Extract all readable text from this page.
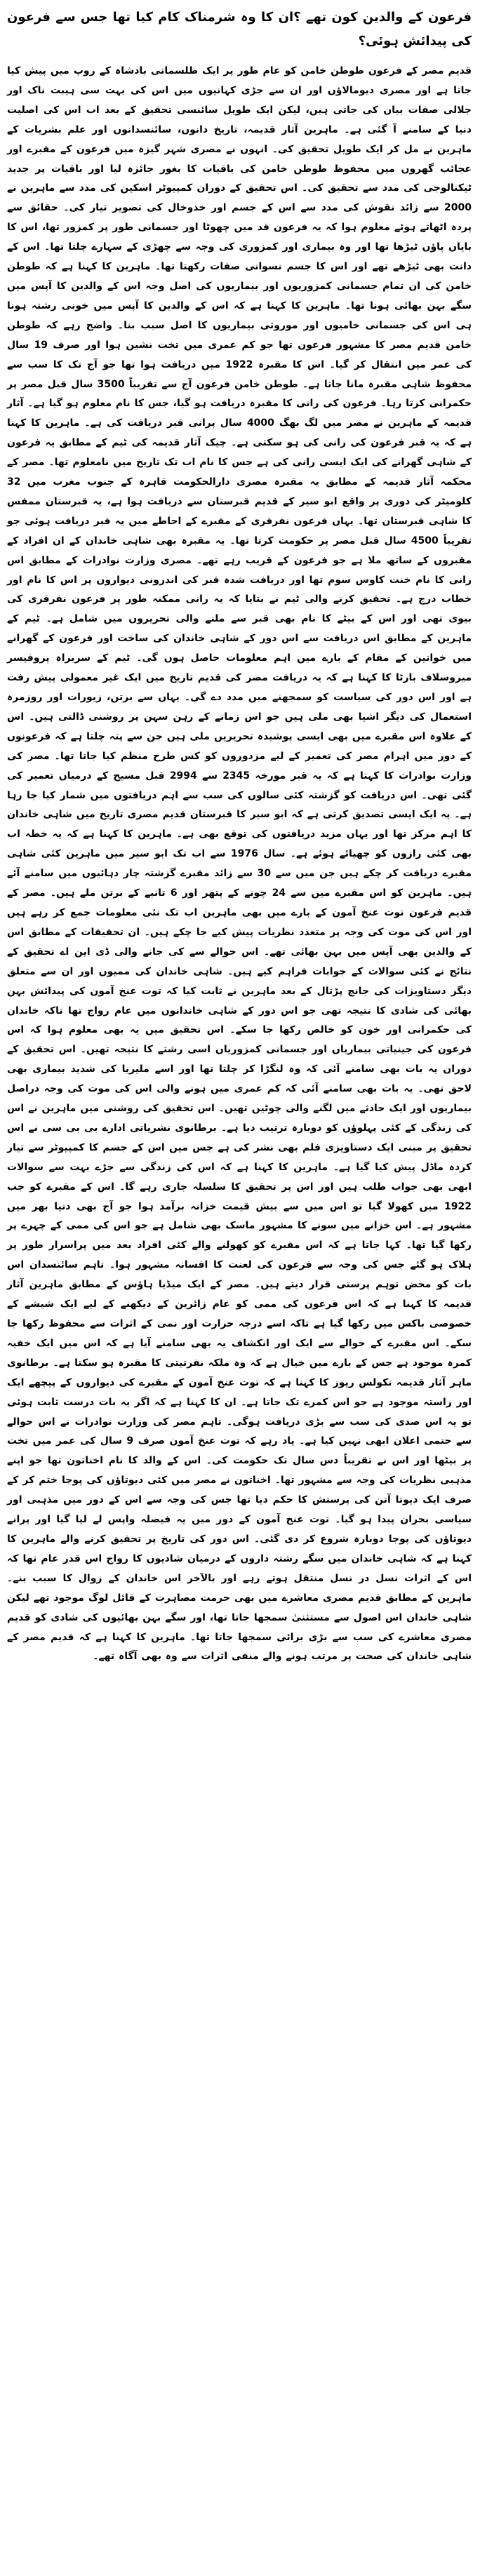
فرعون کے والدین کون تھے ؟ان کا وہ شرمناک کام کیا تھا جس سے فرعون کی پیدائش ہوئی؟

قدیم مصر کے فرعون طوطن خامن کو عام طور پر ایک طلسماتی بادشاہ کے روپ میں پیش کیا جاتا ہے اور مصری دیومالاؤں اور ان سے جڑی کہانیوں میں اس کی بہت سی ہیبت ناک اور جلالی صفات بیان کی جاتی ہیں، لیکن ایک طویل سائنسی تحقیق کے بعد اب اس کی اصلیت دنیا کے سامنے آ گئی ہے۔ ماہرین آثار قدیمہ، تاریخ دانوں، سائنسدانوں اور علم بشریات کے ماہرین نے مل کر ایک طویل تحقیق کی۔ انہوں نے مصری شہر گیزہ میں فرعون کے مقبرے اور عجائب گھروں میں محفوظ طوطن خامن کی باقیات کا بغور جائزہ لیا اور باقیات پر جدید ٹیکنالوجی کی مدد سے تحقیق کی۔ اس تحقیق کے دوران کمپیوٹر اسکین کی مدد سے ماہرین نے 2000 سے زائد نقوش کی مدد سے اس کے جسم اور خدوخال کی تصویر تیار کی۔ حقائق سے پردہ اٹھاتے ہوئے معلوم ہوا کہ یہ فرعون قد میں چھوٹا اور جسمانی طور پر کمزور تھا، اس کا بایاں پاؤں ٹیڑھا تھا اور وہ بیماری اور کمزوری کی وجہ سے چھڑی کے سہارے چلتا تھا۔ اس کے دانت بھی ٹیڑھے تھے اور اس کا جسم نسوانی صفات رکھتا تھا۔ ماہرین کا کہنا ہے کہ طوطن خامن کی ان تمام جسمانی کمزوریوں اور بیماریوں کی اصل وجہ اس کے والدین کا آپس میں سگے بہن بھائی ہونا تھا۔ ماہرین کا کہنا ہے کہ اس کے والدین کا آپس میں خونی رشتہ ہونا ہی اس کی جسمانی خامیوں اور موروثی بیماریوں کا اصل سبب بنا۔ واضح رہے کہ طوطن خامن قدیم مصر کا مشہور فرعون تھا جو کم عمری میں تخت نشین ہوا اور صرف 19 سال کی عمر میں انتقال کر گیا۔ اس کا مقبرہ 1922 میں دریافت ہوا تھا جو آج تک کا سب سے محفوظ شاہی مقبرہ مانا جاتا ہے۔ طوطن خامن فرعون آج سے تقریباً 3500 سال قبل مصر پر حکمرانی کرتا رہا۔ فرعون کی رانی کا مقبرہ دریافت ہو گیا، جس کا نام معلوم ہو گیا ہے۔ آثار قدیمہ کے ماہرین نے مصر میں لگ بھگ 4000 سال پرانی قبر دریافت کی ہے۔ ماہرین کا کہنا ہے کہ یہ قبر فرعون کی رانی کی ہو سکتی ہے۔ چیک آثار قدیمہ کی ٹیم کے مطابق یہ فرعون کے شاہی گھرانے کی ایک ایسی رانی کی ہے جس کا نام اب تک تاریخ میں نامعلوم تھا۔ مصر کے محکمہ آثار قدیمہ کے مطابق یہ مقبرہ مصری دارالحکومت قاہرہ کے جنوب مغرب میں 32 کلومیٹر کی دوری پر واقع ابو سیر کے قدیم قبرستان سے دریافت ہوا ہے، یہ قبرستان ممفس کا شاہی قبرستان تھا۔ یہاں فرعون نفرقری کے مقبرے کے احاطے میں یہ قبر دریافت ہوئی جو تقریباً 4500 سال قبل مصر پر حکومت کرتا تھا۔ یہ مقبرہ بھی شاہی خاندان کے ان افراد کے مقبروں کے ساتھ ملا ہے جو فرعون کے قریب رہے تھے۔ مصری وزارت نوادرات کے مطابق اس رانی کا نام خنت کاوس سوم تھا اور دریافت شدہ قبر کی اندرونی دیواروں پر اس کا نام اور خطاب درج ہے۔ تحقیق کرنے والی ٹیم نے بتایا کہ یہ رانی ممکنہ طور پر فرعون نفرقری کی بیوی تھی اور اس کے بیٹے کا نام بھی قبر سے ملنے والی تحریروں میں شامل ہے۔ ٹیم کے ماہرین کے مطابق اس دریافت سے اس دور کے شاہی خاندان کی ساخت اور فرعون کے گھرانے میں خواتین کے مقام کے بارے میں اہم معلومات حاصل ہوں گی۔ ٹیم کے سربراہ پروفیسر میروسلاف بارٹا کا کہنا ہے کہ یہ دریافت مصر کی قدیم تاریخ میں ایک غیر معمولی پیش رفت ہے اور اس دور کی سیاست کو سمجھنے میں مدد دے گی۔ یہاں سے برتن، زیورات اور روزمرہ استعمال کی دیگر اشیا بھی ملی ہیں جو اس زمانے کے رہن سہن پر روشنی ڈالتی ہیں۔ اس کے علاوہ اس مقبرے میں بھی ایسی پوشیدہ تحریریں ملی ہیں جن سے پتہ چلتا ہے کہ فرعونوں کے دور میں اہرام مصر کی تعمیر کے لیے مزدوروں کو کس طرح منظم کیا جاتا تھا۔ مصر کی وزارت نوادرات کا کہنا ہے کہ یہ قبر مورخہ 2345 سے 2994 قبل مسیح کے درمیان تعمیر کی گئی تھی۔ اس دریافت کو گزشتہ کئی سالوں کی سب سے اہم دریافتوں میں شمار کیا جا رہا ہے۔ یہ ایک ایسی تصدیق کرتی ہے کہ ابو سیر کا قبرستان قدیم مصری تاریخ میں شاہی خاندان کا اہم مرکز تھا اور یہاں مزید دریافتوں کی توقع بھی ہے۔ ماہرین کا کہنا ہے کہ یہ خطہ اب بھی کئی رازوں کو چھپائے ہوئے ہے۔ سال 1976 سے اب تک ابو سیر میں ماہرین کئی شاہی مقبرے دریافت کر چکے ہیں جن میں سے 30 سے زائد مقبرے گزشتہ چار دہائیوں میں سامنے آئے ہیں۔ ماہرین کو اس مقبرے میں سے 24 چونے کے پتھر اور 6 تانبے کے برتن ملے ہیں۔ مصر کے قدیم فرعون توت عنخ آمون کے بارے میں بھی ماہرین اب تک نئی معلومات جمع کر رہے ہیں اور اس کی موت کی وجہ پر متعدد نظریات پیش کیے جا چکے ہیں۔ ان تحقیقات کے مطابق اس کے والدین بھی آپس میں بہن بھائی تھے۔ اس حوالے سے کی جانے والی ڈی این اے تحقیق کے نتائج نے کئی سوالات کے جوابات فراہم کیے ہیں۔ شاہی خاندان کی ممیوں اور ان سے متعلق دیگر دستاویزات کی جانچ پڑتال کے بعد ماہرین نے ثابت کیا کہ توت عنخ آمون کی پیدائش بہن بھائی کی شادی کا نتیجہ تھی جو اس دور کے شاہی خاندانوں میں عام رواج تھا تاکہ خاندان کی حکمرانی اور خون کو خالص رکھا جا سکے۔ اس تحقیق میں یہ بھی معلوم ہوا کہ اس فرعون کی جینیاتی بیماریاں اور جسمانی کمزوریاں اسی رشتے کا نتیجہ تھیں۔ اس تحقیق کے دوران یہ بات بھی سامنے آئی کہ وہ لنگڑا کر چلتا تھا اور اسے ملیریا کی شدید بیماری بھی لاحق تھی۔ یہ بات بھی سامنے آئی کہ کم عمری میں ہونے والی اس کی موت کی وجہ دراصل بیماریوں اور ایک حادثے میں لگنے والی چوٹیں تھیں۔ اس تحقیق کی روشنی میں ماہرین نے اس کی زندگی کے کئی پہلوؤں کو دوبارہ ترتیب دیا ہے۔ برطانوی نشریاتی ادارے بی بی سی نے اس تحقیق پر مبنی ایک دستاویزی فلم بھی نشر کی ہے جس میں اس کے جسم کا کمپیوٹر سے تیار کردہ ماڈل پیش کیا گیا ہے۔ ماہرین کا کہنا ہے کہ اس کی زندگی سے جڑے بہت سے سوالات ابھی بھی جواب طلب ہیں اور اس پر تحقیق کا سلسلہ جاری رہے گا۔ اس کے مقبرے کو جب 1922 میں کھولا گیا تو اس میں سے بیش قیمت خزانہ برآمد ہوا جو آج بھی دنیا بھر میں مشہور ہے۔ اس خزانے میں سونے کا مشہور ماسک بھی شامل ہے جو اس کی ممی کے چہرے پر رکھا گیا تھا۔ کہا جاتا ہے کہ اس مقبرے کو کھولنے والے کئی افراد بعد میں پراسرار طور پر ہلاک ہو گئے جس کی وجہ سے فرعون کی لعنت کا افسانہ مشہور ہوا۔ تاہم سائنسدان اس بات کو محض توہم پرستی قرار دیتے ہیں۔ مصر کے ایک میڈیا ہاؤس کے مطابق ماہرین آثار قدیمہ کا کہنا ہے کہ اس فرعون کی ممی کو عام زائرین کے دیکھنے کے لیے ایک شیشے کے خصوصی باکس میں رکھا گیا ہے تاکہ اسے درجہ حرارت اور نمی کے اثرات سے محفوظ رکھا جا سکے۔ اس مقبرے کے حوالے سے ایک اور انکشاف یہ بھی سامنے آیا ہے کہ اس میں ایک خفیہ کمرہ موجود ہے جس کے بارے میں خیال ہے کہ وہ ملکہ نفرتیتی کا مقبرہ ہو سکتا ہے۔ برطانوی ماہر آثار قدیمہ نکولس ریوز کا کہنا ہے کہ توت عنخ آمون کے مقبرے کی دیواروں کے پیچھے ایک اور راستہ موجود ہے جو اس کمرے تک جاتا ہے۔ ان کا کہنا ہے کہ اگر یہ بات درست ثابت ہوئی تو یہ اس صدی کی سب سے بڑی دریافت ہوگی۔ تاہم مصر کی وزارت نوادرات نے اس حوالے سے حتمی اعلان ابھی نہیں کیا ہے۔ یاد رہے کہ توت عنخ آمون صرف 9 سال کی عمر میں تخت پر بیٹھا اور اس نے تقریباً دس سال تک حکومت کی۔ اس کے والد کا نام اخناتون تھا جو اپنے مذہبی نظریات کی وجہ سے مشہور تھا۔ اخناتون نے مصر میں کئی دیوتاؤں کی پوجا ختم کر کے صرف ایک دیوتا آتن کی پرستش کا حکم دیا تھا جس کی وجہ سے اس کے دور میں مذہبی اور سیاسی بحران پیدا ہو گیا۔ توت عنخ آمون کے دور میں یہ فیصلہ واپس لے لیا گیا اور پرانے دیوتاؤں کی پوجا دوبارہ شروع کر دی گئی۔ اس دور کی تاریخ پر تحقیق کرنے والے ماہرین کا کہنا ہے کہ شاہی خاندان میں سگے رشتہ داروں کے درمیان شادیوں کا رواج اس قدر عام تھا کہ اس کے اثرات نسل در نسل منتقل ہوتے رہے اور بالآخر اس خاندان کے زوال کا سبب بنے۔ ماہرین کے مطابق قدیم مصری معاشرے میں بھی حرمت مصاہرت کے قائل لوگ موجود تھے لیکن شاہی خاندان اس اصول سے مستثنیٰ سمجھا جاتا تھا، اور سگے بہن بھائیوں کی شادی کو قدیم مصری معاشرے کی سب سے بڑی برائی سمجھا جاتا تھا۔ ماہرین کا کہنا ہے کہ قدیم مصر کے شاہی خاندان کی صحت پر مرتب ہونے والے منفی اثرات سے وہ بھی آگاہ تھے۔
